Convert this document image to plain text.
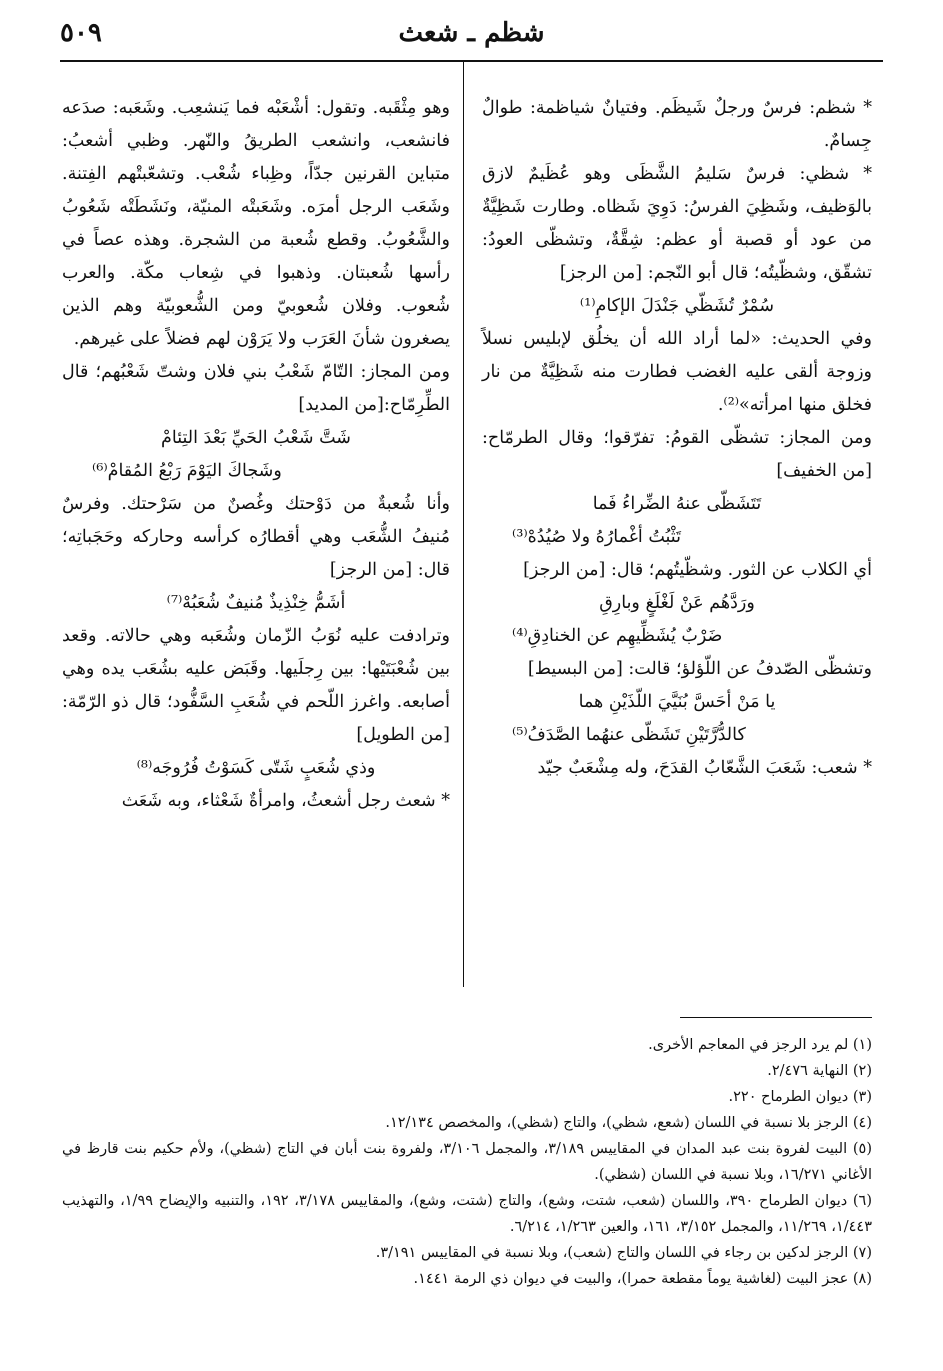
شظم ـ شعث
٥٠٩

* شظم: فرسٌ ورجلٌ شَيظَم. وفتيانٌ شياظمة: طوالٌ جِسامٌ.

* شظي: فرسٌ سَليمُ الشَّظَى وهو عُظَيمٌ لازق بالوَظيف، وشَظِيَ الفرسُ: دَوِيَ شَظاه. وطارت شَظِيَّةٌ من عود أو قصبة أو عظم: شِقَّةٌ، وتشظّى العودُ: تشقّق، وشظّيتُه؛ قال أبو النّجم: [من الرجز]

سُمْرٌ تُشَظّي جَنْدَلَ الإكامِ⁽¹⁾

وفي الحديث: «لما أراد الله أن يخلُق لإبليس نسلاً وزوجة ألقى عليه الغضب فطارت منه شَظِيَّةٌ من نار فخلق منها امرأته»⁽²⁾.

ومن المجاز: تشظّى القومُ: تفرّقوا؛ وقال الطرمّاح: [من الخفيف]

تَتَشَظّى عنهُ الضِّراءُ فَما

تَثْبُتُ أغْمارُهُ ولا صُيُدُهْ⁽³⁾

أي الكلاب عن الثور. وشظّيتُهم؛ قال: [من الرجز]

ورَدَّهُم عَنْ لَغْلَغٍ وبارِقِ

ضَرْبٌ يُشَظِّيهِم عن الخنادِقِ⁽⁴⁾

وتشظّى الصّدفُ عن اللّؤلؤ؛ قالت: [من البسيط]

يا مَنْ أحَسَّ بُنَيَّيَ اللّذَيْنِ هما

كالدُّرَّتَيْنِ تَشَظّى عنهُما الصَّدَفُ⁽⁵⁾

* شعب: شَعَبَ الشَّعّابُ القدَحَ، وله مِشْعَبٌ جيّد

وهو مِثْقَبه. وتقول: أشْعَبْه فما يَنشعِب. وشَعَبه: صدَعه فانشعب، وانشعب الطريقُ والنّهر. وظبي أشعبُ: متباين القرنين جدّاً، وظِباء شُعْب. وتشعّبتْهم الفِتنة. وشَعَب الرجل أمرَه. وشَعَبتْه المنيّة، ونَشَطَتْه شَعُوبُ والشَّعُوبُ. وقطع شُعبة من الشجرة. وهذه عصاً في رأسها شُعبتان. وذهبوا في شِعاب مكّة. والعرب شُعوب. وفلان شُعوبيّ ومن الشُّعوبيّة وهم الذين يصغرون شأنَ العَرَب ولا يَرَوْن لهم فضلاً على غيرهم.

ومن المجاز: التّامّ شَعْبُ بني فلان وشتّ شَعْبُهم؛ قال الطِّرِمّاح:[من المديد]

شَتَّ شَعْبُ الحَيِّ بَعْدَ التِئامْ

وشَجاكَ اليَوْمَ رَبْعُ المُقامْ⁽⁶⁾

وأنا شُعبةٌ من دَوْحتك وغُصنٌ من سَرْحتك. وفرسٌ مُنيفُ الشُّعَب وهي أقطارُه كرأسه وحاركه وحَجَباتِه؛ قال: [من الرجز]

أشَمُّ خِنْذِيذٌ مُنيفٌ شُعَبُهْ⁽⁷⁾

وترادفت عليه نُوَبُ الزّمان وشُعَبه وهي حالاته. وقعد بين شُعْبَتَيْها: بين رِجلَيها. وقَبَض عليه بشُعَب يده وهي أصابعه. واغرز اللّحم في شُعَبِ السَّفُّود؛ قال ذو الرّمّة: [من الطويل]

وذي شُعَبٍ شَتّى كَسَوْتُ فُرُوجَه⁽⁸⁾

* شعث رجل أشعثُ، وامرأةٌ شَعْثاء، وبه شَعَث

(١) لم يرد الرجز في المعاجم الأخرى.

(٢) النهاية ٢/٤٧٦.

(٣) ديوان الطرماح ٢٢٠.

(٤) الرجز بلا نسبة في اللسان (شعع، شظي)، والتاج (شظي)، والمخصص ١٢/١٣٤.

(٥) البيت لفروة بنت عبد المدان في المقاييس ٣/١٨٩، والمجمل ٣/١٠٦، ولفروة بنت أبان في التاج (شظي)، ولأم حكيم بنت قارظ في الأغاني ١٦/٢٧١، وبلا نسبة في اللسان (شظي).

(٦) ديوان الطرماح ٣٩٠، واللسان (شعب، شتت، وشع)، والتاج (شتت، وشع)، والمقاييس ٣/١٧٨، ١٩٢، والتنبيه والإيضاح ١/٩٩، والتهذيب ١/٤٤٣، ١١/٢٦٩، والمجمل ٣/١٥٢، ١٦١، والعين ١/٢٦٣، ٦/٢١٤.

(٧) الرجز لدكين بن رجاء في اللسان والتاج (شعب)، وبلا نسبة في المقاييس ٣/١٩١.

(٨) عجز البيت (لغاشية يوماً مقطعة حمرا)، والبيت في ديوان ذي الرمة ١٤٤١.
